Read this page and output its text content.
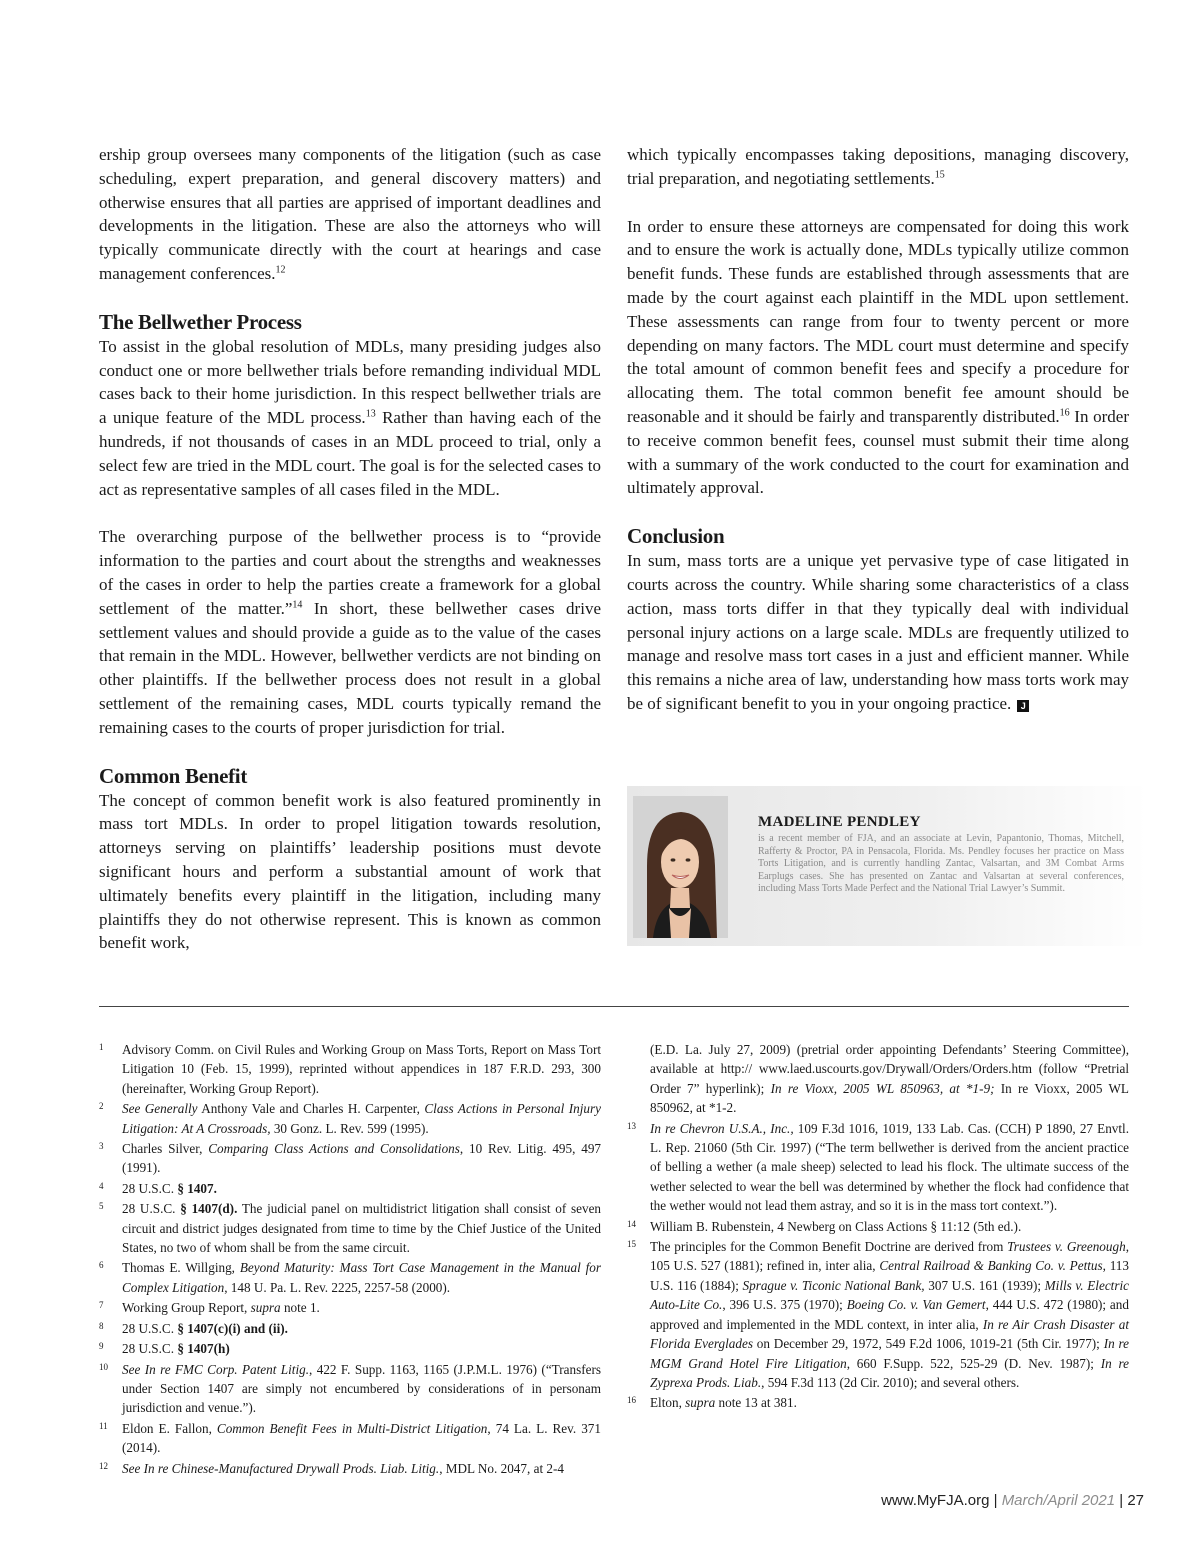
ership group oversees many components of the litigation (such as case scheduling, expert preparation, and general discovery matters) and otherwise ensures that all parties are apprised of important deadlines and developments in the litigation. These are also the attorneys who will typically communicate directly with the court at hearings and case management conferences.$^{12}$

The Bellwether Process

To assist in the global resolution of MDLs, many presiding judges also conduct one or more bellwether trials before remanding individual MDL cases back to their home jurisdiction. In this respect bellwether trials are a unique feature of the MDL process.$^{13}$ Rather than having each of the hundreds, if not thousands of cases in an MDL proceed to trial, only a select few are tried in the MDL court. The goal is for the selected cases to act as representative samples of all cases filed in the MDL.

The overarching purpose of the bellwether process is to “provide information to the parties and court about the strengths and weaknesses of the cases in order to help the parties create a framework for a global settlement of the matter.”$^{14}$ In short, these bellwether cases drive settlement values and should provide a guide as to the value of the cases that remain in the MDL. However, bellwether verdicts are not binding on other plaintiffs. If the bellwether process does not result in a global settlement of the remaining cases, MDL courts typically remand the remaining cases to the courts of proper jurisdiction for trial.

Common Benefit

The concept of common benefit work is also featured prominently in mass tort MDLs. In order to propel litigation towards resolution, attorneys serving on plaintiffs’ leadership positions must devote significant hours and perform a substantial amount of work that ultimately benefits every plaintiff in the litigation, including many plaintiffs they do not otherwise represent. This is known as common benefit work,

which typically encompasses taking depositions, managing discovery, trial preparation, and negotiating settlements.$^{15}$

In order to ensure these attorneys are compensated for doing this work and to ensure the work is actually done, MDLs typically utilize common benefit funds. These funds are established through assessments that are made by the court against each plaintiff in the MDL upon settlement. These assessments can range from four to twenty percent or more depending on many factors. The MDL court must determine and specify the total amount of common benefit fees and specify a procedure for allocating them. The total common benefit fee amount should be reasonable and it should be fairly and transparently distributed.$^{16}$ In order to receive common benefit fees, counsel must submit their time along with a summary of the work conducted to the court for examination and ultimately approval.

Conclusion

In sum, mass torts are a unique yet pervasive type of case litigated in courts across the country. While sharing some characteristics of a class action, mass torts differ in that they typically deal with individual personal injury actions on a large scale. MDLs are frequently utilized to manage and resolve mass tort cases in a just and efficient manner. While this remains a niche area of law, understanding how mass torts work may be of significant benefit to you in your ongoing practice. J

MADELINE PENDLEY
is a recent member of FJA, and an associate at Levin, Papantonio, Thomas, Mitchell, Rafferty & Proctor, PA in Pensacola, Florida. Ms. Pendley focuses her practice on Mass Torts Litigation, and is currently handling Zantac, Valsartan, and 3M Combat Arms Earplugs cases. She has presented on Zantac and Valsartan at several conferences, including Mass Torts Made Perfect and the National Trial Lawyer’s Summit.
1 Advisory Comm. on Civil Rules and Working Group on Mass Torts, Report on Mass Tort Litigation 10 (Feb. 15, 1999), reprinted without appendices in 187 F.R.D. 293, 300 (hereinafter, Working Group Report).
2 See Generally Anthony Vale and Charles H. Carpenter, Class Actions in Personal Injury Litigation: At A Crossroads, 30 Gonz. L. Rev. 599 (1995).
3 Charles Silver, Comparing Class Actions and Consolidations, 10 Rev. Litig. 495, 497 (1991).
4 28 U.S.C. § 1407.
5 28 U.S.C. § 1407(d). The judicial panel on multidistrict litigation shall consist of seven circuit and district judges designated from time to time by the Chief Justice of the United States, no two of whom shall be from the same circuit.
6 Thomas E. Willging, Beyond Maturity: Mass Tort Case Management in the Manual for Complex Litigation, 148 U. Pa. L. Rev. 2225, 2257-58 (2000).
7 Working Group Report, supra note 1.
8 28 U.S.C. § 1407(c)(i) and (ii).
9 28 U.S.C. § 1407(h)
10 See In re FMC Corp. Patent Litig., 422 F. Supp. 1163, 1165 (J.P.M.L. 1976) (“Transfers under Section 1407 are simply not encumbered by considerations of in personam jurisdiction and venue.”).
11 Eldon E. Fallon, Common Benefit Fees in Multi-District Litigation, 74 La. L. Rev. 371 (2014).
12 See In re Chinese-Manufactured Drywall Prods. Liab. Litig., MDL No. 2047, at 2-4
(E.D. La. July 27, 2009) (pretrial order appointing Defendants’ Steering Committee), available at http:// www.laed.uscourts.gov/Drywall/Orders/Orders.htm (follow “Pretrial Order 7” hyperlink); In re Vioxx, 2005 WL 850963, at *1-9; In re Vioxx, 2005 WL 850962, at *1-2.
13 In re Chevron U.S.A., Inc., 109 F.3d 1016, 1019, 133 Lab. Cas. (CCH) P 1890, 27 Envtl. L. Rep. 21060 (5th Cir. 1997) (“The term bellwether is derived from the ancient practice of belling a wether (a male sheep) selected to lead his flock. The ultimate success of the wether selected to wear the bell was determined by whether the flock had confidence that the wether would not lead them astray, and so it is in the mass tort context.”).
14 William B. Rubenstein, 4 Newberg on Class Actions § 11:12 (5th ed.).
15 The principles for the Common Benefit Doctrine are derived from Trustees v. Greenough, 105 U.S. 527 (1881); refined in, inter alia, Central Railroad & Banking Co. v. Pettus, 113 U.S. 116 (1884); Sprague v. Ticonic National Bank, 307 U.S. 161 (1939); Mills v. Electric Auto-Lite Co., 396 U.S. 375 (1970); Boeing Co. v. Van Gemert, 444 U.S. 472 (1980); and approved and implemented in the MDL context, in inter alia, In re Air Crash Disaster at Florida Everglades on December 29, 1972, 549 F.2d 1006, 1019-21 (5th Cir. 1977); In re MGM Grand Hotel Fire Litigation, 660 F.Supp. 522, 525-29 (D. Nev. 1987); In re Zyprexa Prods. Liab., 594 F.3d 113 (2d Cir. 2010); and several others.
16 Elton, supra note 13 at 381.
www.MyFJA.org | March/April 2021 | 27
